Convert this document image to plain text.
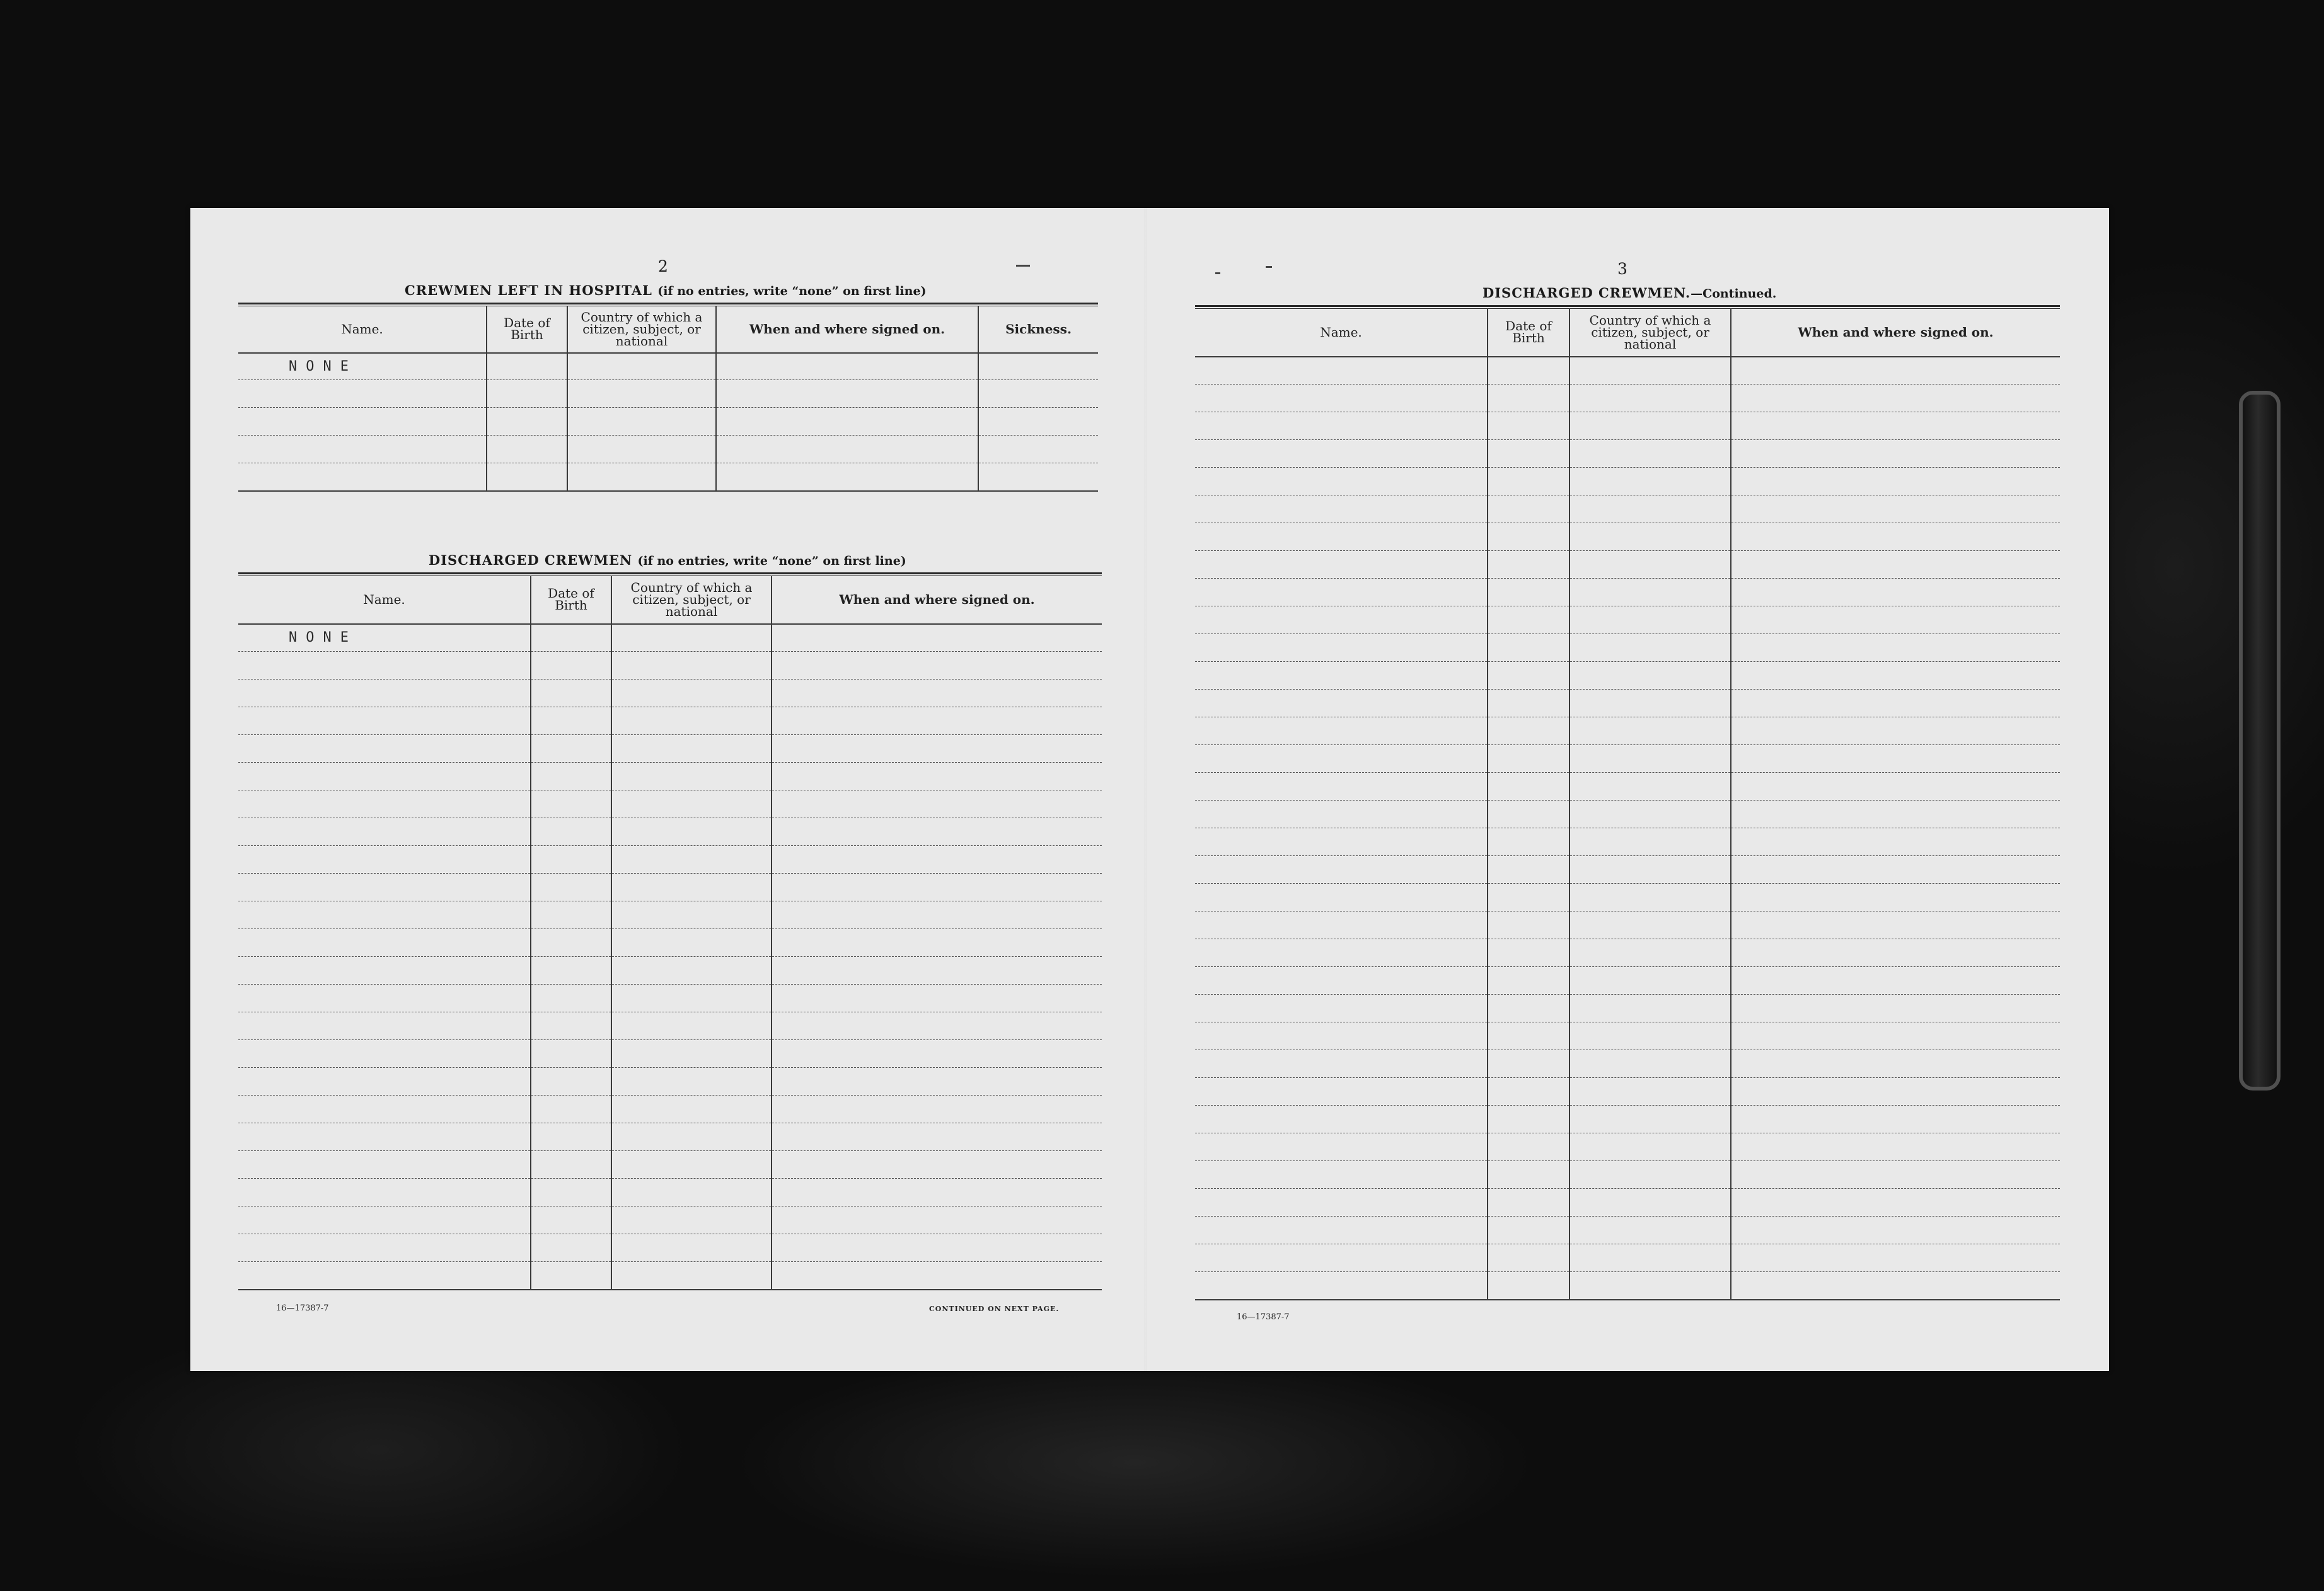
2
CREWMEN LEFT IN HOSPITAL (if no entries, write “none” on first line)

Name.	Date of Birth	Country of which a citizen, subject, or national	When and where signed on.	Sickness.
NONE				

DISCHARGED CREWMEN (if no entries, write “none” on first line)

Name.	Date of Birth	Country of which a citizen, subject, or national	When and where signed on.
NONE			

16—17387-7	CONTINUED ON NEXT PAGE.
3
DISCHARGED CREWMEN.—Continued.

Name.	Date of Birth	Country of which a citizen, subject, or national	When and where signed on.

16—17387-7
